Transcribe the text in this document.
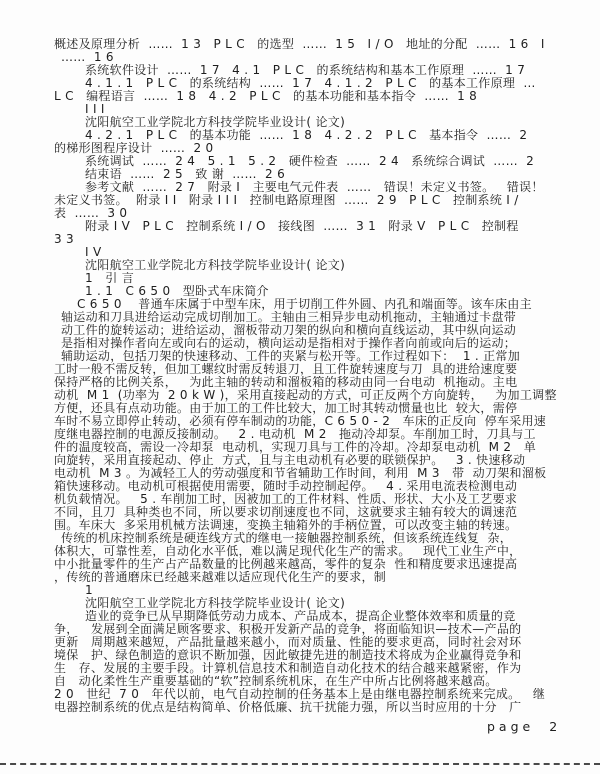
概述及原理分析  ……  1 3   P L C   的选型  ……  1 5   I / O   地址的分配  ……  1 6   I
……  1 6
系统软件设计  ……  1 7   4 . 1   P L C   的系统结构和基本工作原理  ……  1 7
4 . 1 . 1   P L C   的系统结构  ……  1 7   4 . 1 . 2   P L C   的基本工作原理  …
L C   编程语言  ……  1 8   4 . 2   P L C   的基本功能和基本指令  ……  1 8
I I I
沈阳航空工业学院北方科技学院毕业设计( 论文)
4 . 2 . 1   P L C   的基本功能  ……  1 8   4 . 2 . 2   P L C   基本指令  ……  2
的梯形图程序设计  ……  2 0
系统调试  ……  2 4   5 . 1   5 . 2   硬件检查  ……  2 4   系统综合调试  ……  2
结束语  ……  2 5   致 谢  ……  2 6
参考文献  ……  2 7   附录 I   主要电气元件表  ……   错误！未定义书签。   错误！
未定义书签。  附录 I I   附录 I I I   控制电路原理图  ……  2 9   P L C   控制系统 I /
表  ……  3 0
附录 I V   P L C   控制系统 I / O   接线图  ……  3 1   附录 V   P L C   控制程
3 3
I V
沈阳航空工业学院北方科技学院毕业设计( 论文)
1   引 言
1 . 1   C 6 5 0   型卧式车床简介
C 6 5 0    普通车床属于中型车床，用于切削工件外圆、内孔和端面等。该车床由主
轴运动和刀具进给运动完成切削加工。主轴由三相异步电动机拖动，主轴通过卡盘带
动工件的旋转运动；进给运动，溜板带动刀架的纵向和横向直线运动，其中纵向运动
是指相对操作者向左或向右的运动，横向运动是指相对于操作者向前或向后的运动；
辅助运动，包括刀架的快速移动、工件的夹紧与松开等。工作过程如下：  1 . 正常加
工时一般不需反转，但加工螺纹时需反转退刀，且工件旋转速度与刀  具的进给速度要
保持严格的比例关系，   为此主轴的转动和溜板箱的移动由同一台电动  机拖动。主电
动机  M 1  (功率为  2 0 k W )，采用直接起动的方式，可正反两个方向旋转，   为加工调整
方便，还具有点动功能。由于加工的工件比较大，加工时其转动惯量也比  较大，需停
车时不易立即停止转动，必须有停车制动的功能，C 6 5 0 - 2   车床的正反向  停车采用速
度继电器控制的电源反接制动。   2 . 电动机  M 2   拖动冷却泵。车削加工时，刀具与工
件的温度较高，需设一冷却泵  电动机，实现刀具与工件的冷却。冷却泵电动机  M 2   单
向旋转，采用直接起动、停止  方式，且与主电动机有必要的联锁保护。   3 . 快速移动
电动机  M 3 。为减轻工人的劳动强度和节省辅助工作时间，利用  M 3   带  动刀架和溜板
箱快速移动。电动机可根据使用需要，随时手动控制起停。   4 . 采用电流表检测电动
机负载情况。   5 . 车削加工时，因被加工的工件材料、性质、形状、大小及工艺要求
不同，且刀  具种类也不同，所以要求切削速度也不同，这就要求主轴有较大的调速范
围。车床大  多采用机械方法调速，变换主轴箱外的手柄位置，可以改变主轴的转速。
传统的机床控制系统是硬连线方式的继电一接触器控制系统，但该系统连线复  杂，
体积大，可靠性差，自动化水平低，难以满足现代化生产的需求。   现代工业生产中，
中小批量零件的生产占产品数量的比例越来越高，零件的复杂  性和精度要求迅速提高
，传统的普通磨床已经越来越难以适应现代化生产的要求，制
1
沈阳航空工业学院北方科技学院毕业设计( 论文)
造业的竞争已从早期降低劳动力成本、产品成本，提高企业整体效率和质量的竞
争，   发展到全面满足顾客要求、积极开发新产品的竞争，将面临知识—技术—产品的
更新   周期越来越短，产品批量越来越小，而对质量、性能的要求更高，同时社会对环
境保   护、绿色制造的意识不断加强，因此敏捷先进的制造技术将成为企业赢得竞争和
生   存、发展的主要手段。计算机信息技术和制造自动化技术的结合越来越紧密，作为
自   动化柔性生产重要基础的“软”控制系统机床，在生产中所占比例将越来越高。
2 0   世纪  7 0   年代以前，电气自动控制的任务基本上是由继电器控制系统来完成。   继
电器控制系统的优点是结构简单、价格低廉、抗干扰能力强，所以当时应用的十分   广
page 2
